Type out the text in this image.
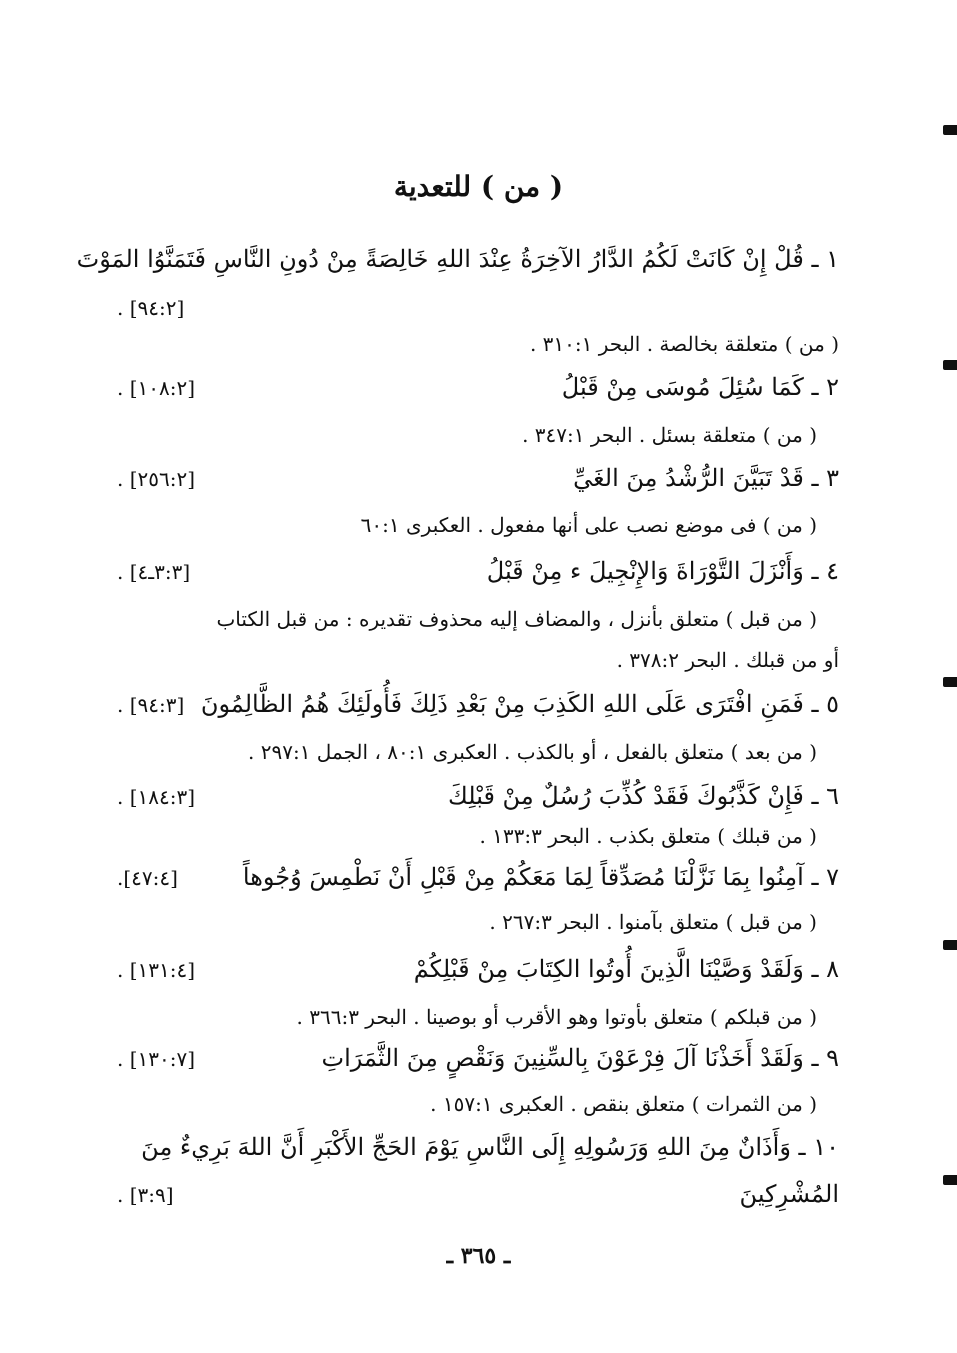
( من ) للتعدية
١ ـ قُلْ إِنْ كَانَتْ لَكُمُ الدَّارُ الآخِرَةُ عِنْدَ اللهِ خَالِصَةً مِنْ دُونِ النَّاسِ فَتَمَنَّوُا المَوْتَ
[٩٤:٢] .
( من ) متعلقة بخالصة . البحر ٣١٠:١ .
٢ ـ كَمَا سُئِلَ مُوسَى مِنْ قَبْلُ
[١٠٨:٢] .
( من ) متعلقة بسئل . البحر ٣٤٧:١ .
٣ ـ قَدْ تَبَيَّنَ الرُّشْدُ مِنَ الغَيِّ
[٢٥٦:٢] .
( من ) فى موضع نصب على أنها مفعول . العكبرى ٦٠:١
٤ ـ وَأَنْزَلَ التَّوْرَاةَ وَالإِنْجِيلَ ء مِنْ قَبْلُ
[٣:٣ـ٤] .
( من قبل ) متعلق بأنزل ، والمضاف إليه محذوف تقديره : من قبل الكتاب
أو من قبلك . البحر ٣٧٨:٢ .
٥ ـ فَمَنِ افْتَرَى عَلَى اللهِ الكَذِبَ مِنْ بَعْدِ ذَلِكَ فَأُولَئِكَ هُمُ الظَّالِمُونَ
[٩٤:٣] .
( من بعد ) متعلق بالفعل ، أو بالكذب . العكبرى ٨٠:١ ، الجمل ٢٩٧:١ .
٦ ـ فَإِنْ كَذَّبُوكَ فَقَدْ كُذِّبَ رُسُلٌ مِنْ قَبْلِكَ
[١٨٤:٣] .
( من قبلك ) متعلق بكذب . البحر ١٣٣:٣ .
٧ ـ آمِنُوا بِمَا نَزَّلْنَا مُصَدِّقاً لِمَا مَعَكُمْ مِنْ قَبْلِ أَنْ نَطْمِسَ وُجُوهاً
[٤٧:٤].
( من قبل ) متعلق بآمنوا . البحر ٢٦٧:٣ .
٨ ـ وَلَقَدْ وَصَّيْنَا الَّذِينَ أُوتُوا الكِتَابَ مِنْ قَبْلِكُمْ
[١٣١:٤] .
( من قبلكم ) متعلق بأوتوا وهو الأقرب أو بوصينا . البحر ٣٦٦:٣ .
٩ ـ وَلَقَدْ أَخَذْنَا آلَ فِرْعَوْنَ بِالسِّنِينَ وَنَقْصٍ مِنَ الثَّمَرَاتِ
[١٣٠:٧] .
( من الثمرات ) متعلق بنقص . العكبرى ١٥٧:١ .
١٠ ـ وَأَذَانٌ مِنَ اللهِ وَرَسُولِهِ إِلَى النَّاسِ يَوْمَ الحَجِّ الأَكْبَرِ أَنَّ اللهَ بَرِيءٌ مِنَ
المُشْرِكِينَ
[٣:٩] .
ـ ٣٦٥ ـ
